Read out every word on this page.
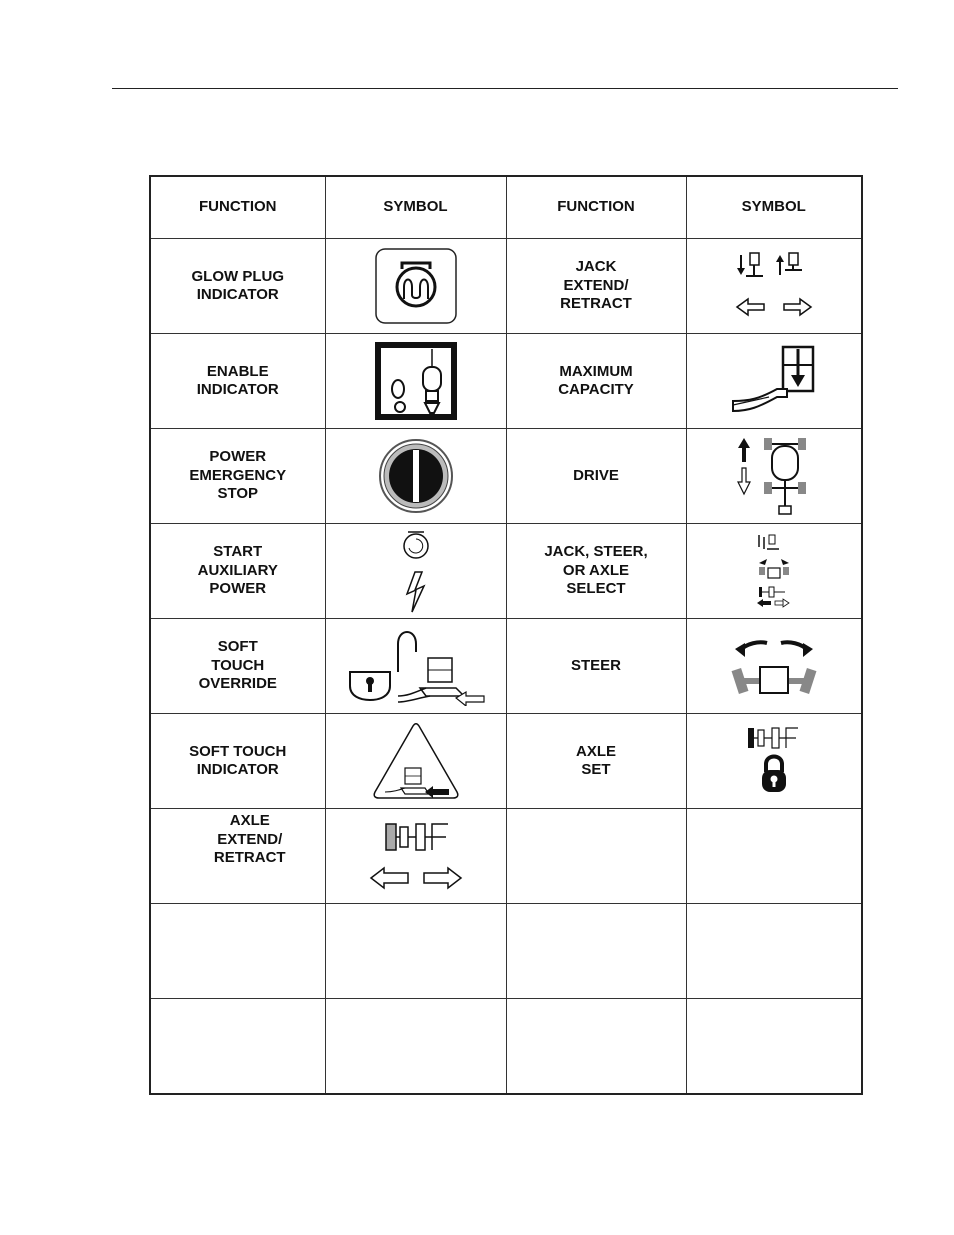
FUNCTION	SYMBOL	FUNCTION	SYMBOL
GLOW PLUG
INDICATOR		JACK
EXTEND/
RETRACT	

ENABLE
INDICATOR		MAXIMUM
CAPACITY	

POWER
EMERGENCY
STOP		DRIVE	

START
AUXILIARY
POWER		JACK, STEER,
OR AXLE
SELECT	

SOFT
TOUCH
OVERRIDE		STEER	

SOFT TOUCH
INDICATOR		AXLE
SET	

AXLE
EXTEND/
RETRACT	
